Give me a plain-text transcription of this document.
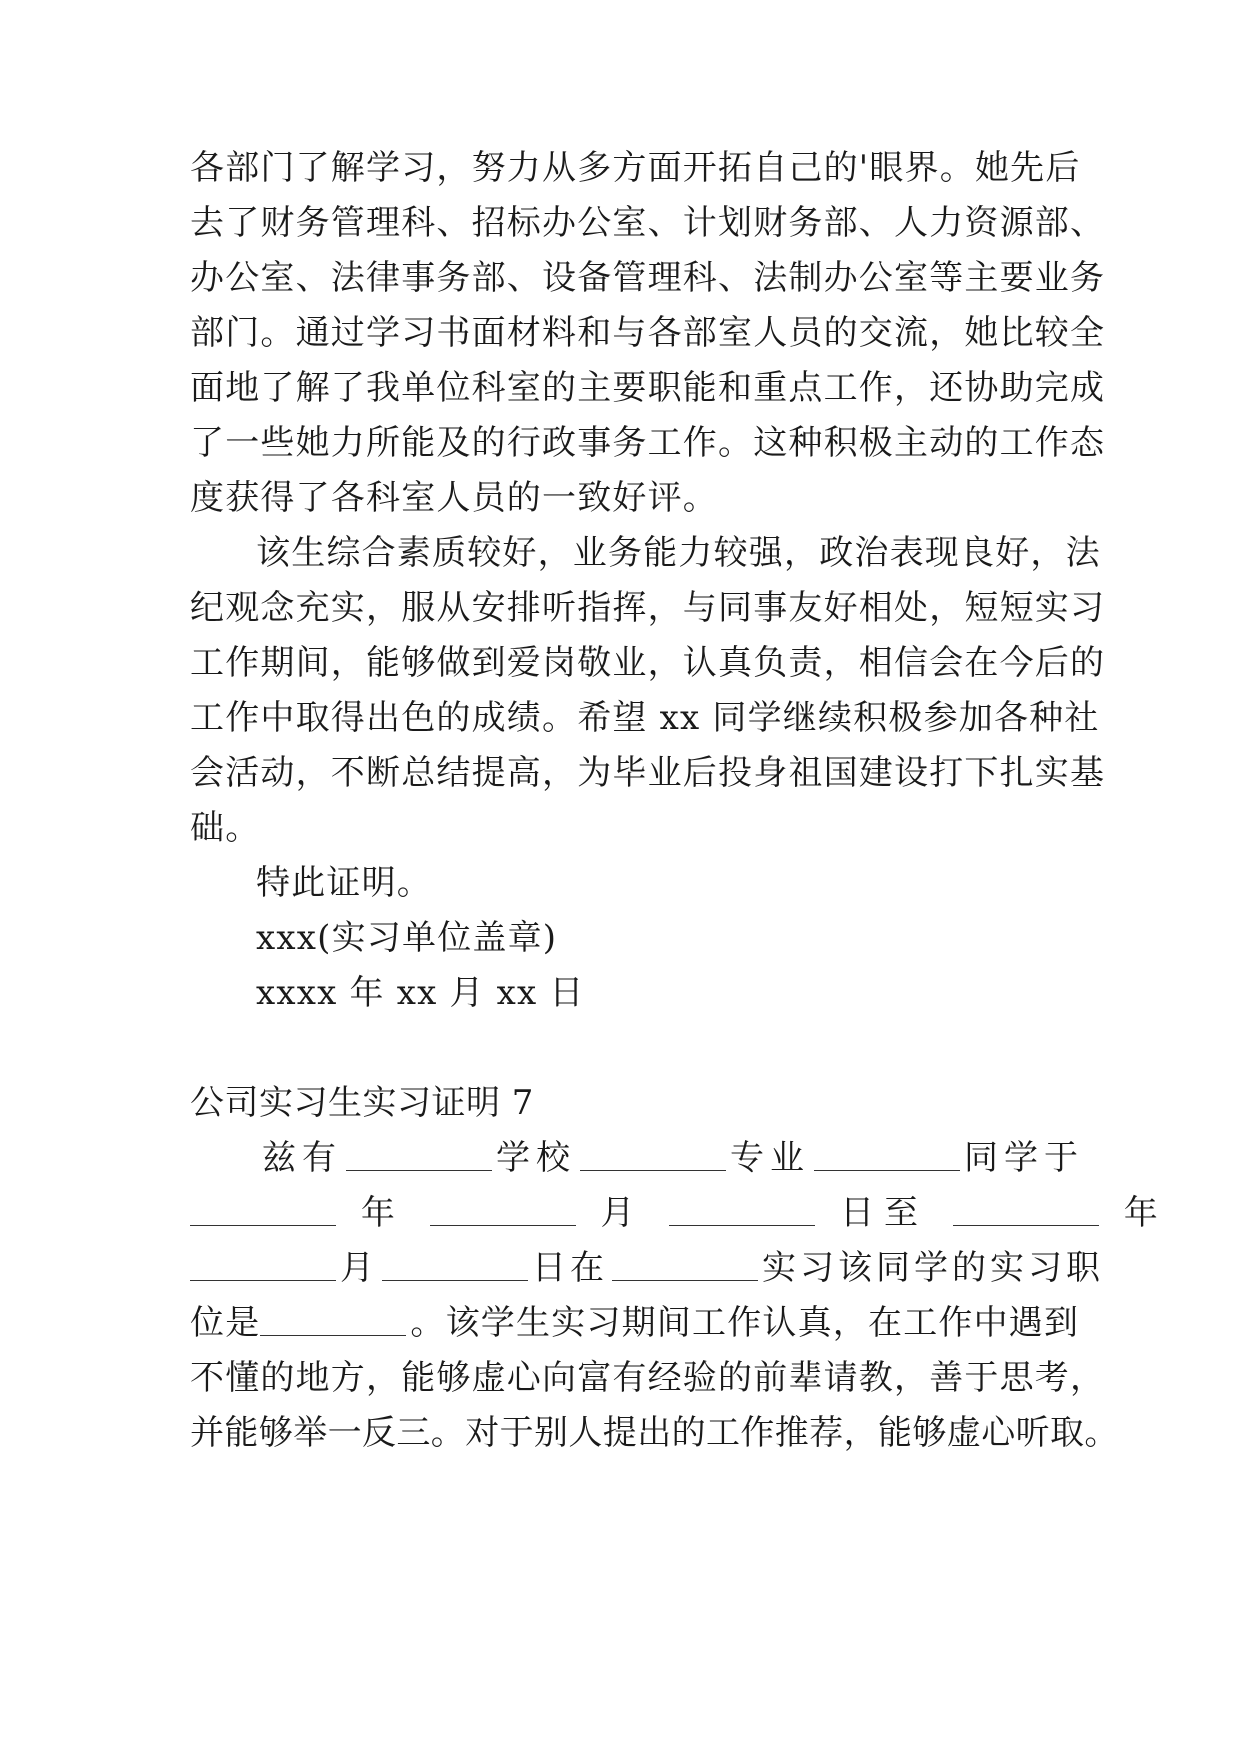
各部门了解学习，努力从多方面开拓自己的'眼界。她先后
去了财务管理科、招标办公室、计划财务部、人力资源部、
办公室、法律事务部、设备管理科、法制办公室等主要业务
部门。通过学习书面材料和与各部室人员的交流，她比较全
面地了解了我单位科室的主要职能和重点工作，还协助完成
了一些她力所能及的行政事务工作。这种积极主动的工作态
度获得了各科室人员的一致好评。
该生综合素质较好，业务能力较强，政治表现良好，法
纪观念充实，服从安排听指挥，与同事友好相处，短短实习
工作期间，能够做到爱岗敬业，认真负责，相信会在今后的
工作中取得出色的成绩。希望 xx 同学继续积极参加各种社
会活动，不断总结提高，为毕业后投身祖国建设打下扎实基
础。
特此证明。
xxx(实习单位盖章)
xxxx 年 xx 月 xx 日
公司实习生实习证明 7
兹有	学校	专业	同学于
年	月	日至	年
月	日在	实习该同学的实习职
位是	。该学生实习期间工作认真，在工作中遇到
不懂的地方，能够虚心向富有经验的前辈请教，善于思考，
并能够举一反三。对于别人提出的工作推荐，能够虚心听取。
